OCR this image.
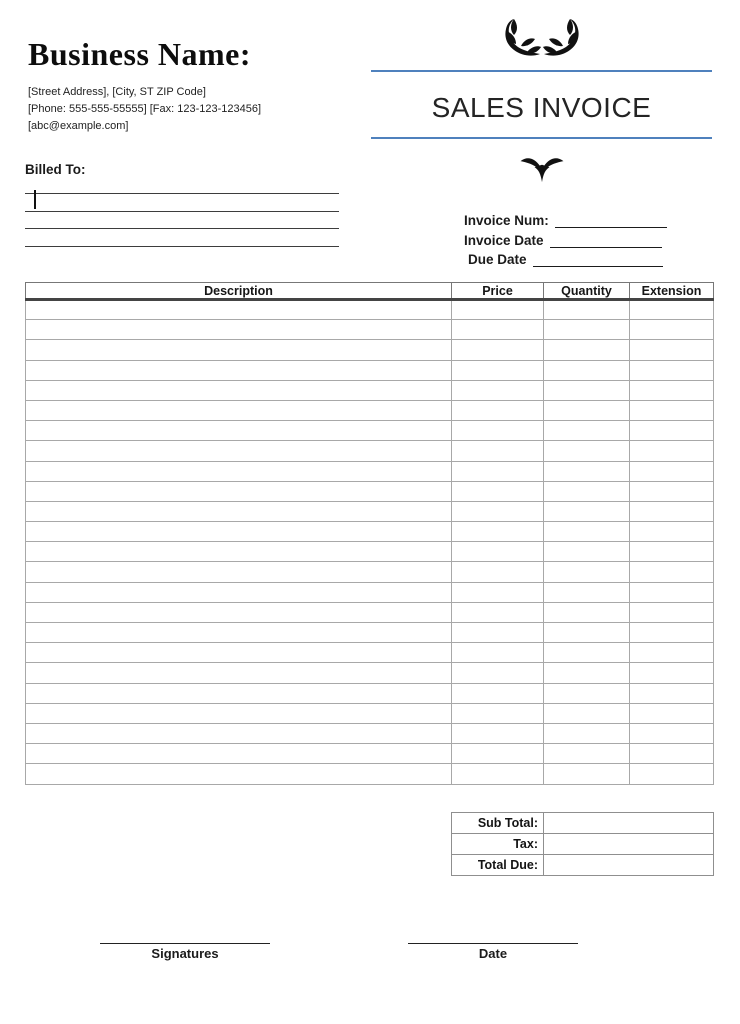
Business Name:

[Street Address], [City, ST ZIP Code]

[Phone: 555-555-55555] [Fax: 123-123-123456]

[abc@example.com]

SALES INVOICE
Billed To:
Invoice Num:
Invoice Date
Due Date
Description	Price	Quantity	Extension

Sub Total:	
Tax:	
Total Due:	
Signatures	Date
